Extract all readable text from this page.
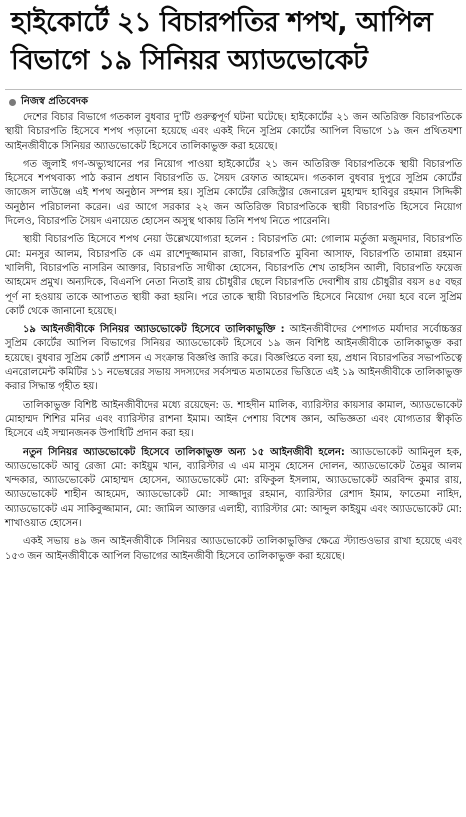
হাইকোর্টে ২১ বিচারপতির শপথ, আপিল
বিভাগে ১৯ সিনিয়র অ্যাডভোকেট
নিজস্ব প্রতিবেদক

দেশের বিচার বিভাগে গতকাল বুধবার দু'টি গুরুত্বপূর্ণ ঘটনা ঘটেছে। হাইকোর্টের ২১ জন অতিরিক্ত বিচারপতিকে স্থায়ী বিচারপতি হিসেবে শপথ পড়ানো হয়েছে এবং একই দিনে সুপ্রিম কোর্টের আপিল বিভাগে ১৯ জন প্রথিতযশা আইনজীবীকে সিনিয়র অ্যাডভোকেট হিসেবে তালিকাভুক্ত করা হয়েছে।

গত জুলাই গণ-অভ্যুত্থানের পর নিয়োগ পাওয়া হাইকোর্টের ২১ জন অতিরিক্ত বিচারপতিকে স্থায়ী বিচারপতি হিসেবে শপথবাক্য পাঠ করান প্রধান বিচারপতি ড. সৈয়দ রেফাত আহমেদ। গতকাল বুধবার দুপুরে সুপ্রিম কোর্টের জাজেস লাউঞ্জে এই শপথ অনুষ্ঠান সম্পন্ন হয়। সুপ্রিম কোর্টের রেজিস্ট্রার জেনারেল মুহাম্মদ হাবিবুর রহমান সিদ্দিকী অনুষ্ঠান পরিচালনা করেন। এর আগে সরকার ২২ জন অতিরিক্ত বিচারপতিকে স্থায়ী বিচারপতি হিসেবে নিয়োগ দিলেও, বিচারপতি সৈয়দ এনায়েত হোসেন অসুস্থ থাকায় তিনি শপথ নিতে পারেননি।

স্থায়ী বিচারপতি হিসেবে শপথ নেয়া উল্লেখযোগ্যরা হলেন : বিচারপতি মো: গোলাম মর্তুজা মজুমদার, বিচারপতি মো: মনসুর আলম, বিচারপতি কে এম রাশেদুজ্জামান রাজা, বিচারপতি মুবিনা আসাফ, বিচারপতি তামান্না রহমান খালিদী, বিচারপতি নাসরিন আক্তার, বিচারপতি সাথীকা হোসেন, বিচারপতি শেখ তাহসিন আলী, বিচারপতি ফয়েজ আহমেদ প্রমুখ। অন্যদিকে, বিএনপি নেতা নিতাই রায় চৌধুরীর ছেলে বিচারপতি দেবাশীষ রায় চৌধুরীর বয়স ৪৫ বছর পূর্ণ না হওয়ায় তাকে আপাতত স্থায়ী করা হয়নি। পরে তাকে স্থায়ী বিচারপতি হিসেবে নিয়োগ দেয়া হবে বলে সুপ্রিম কোর্ট থেকে জানানো হয়েছে।

১৯ আইনজীবীকে সিনিয়র অ্যাডভোকেট হিসেবে তালিকাভুক্তি : আইনজীবীদের পেশাগত মর্যাদার সর্বোচ্চস্তর সুপ্রিম কোর্টের আপিল বিভাগের সিনিয়র অ্যাডভোকেট হিসেবে ১৯ জন বিশিষ্ট আইনজীবীকে তালিকাভুক্ত করা হয়েছে। বুধবার সুপ্রিম কোর্ট প্রশাসন এ সংক্রান্ত বিজ্ঞপ্তি জারি করে। বিজ্ঞপ্তিতে বলা হয়, প্রধান বিচারপতির সভাপতিত্বে এনরোলমেন্ট কমিটির ১১ নভেম্বরের সভায় সদস্যদের সর্বসম্মত মতামতের ভিত্তিতে এই ১৯ আইনজীবীকে তালিকাভুক্ত করার সিদ্ধান্ত গৃহীত হয়।

তালিকাভুক্ত বিশিষ্ট আইনজীবীদের মধ্যে রয়েছেন: ড. শাহদীন মালিক, ব্যারিস্টার কায়সার কামাল, অ্যাডভোকেট মোহাম্মদ শিশির মনির এবং ব্যারিস্টার রাশনা ইমাম। আইন পেশায় বিশেষ জ্ঞান, অভিজ্ঞতা এবং যোগ্যতার স্বীকৃতি হিসেবে এই সম্মানজনক উপাধিটি প্রদান করা হয়।

নতুন সিনিয়র অ্যাডভোকেট হিসেবে তালিকাভুক্ত অন্য ১৫ আইনজীবী হলেন: অ্যাডভোকেট আমিনুল হক, অ্যাডভোকেট আবু রেজা মো: কাইয়ুম খান, ব্যারিস্টার এ এম মাসুম হোসেন দোলন, অ্যাডভোকেট তৈমুর আলম খন্দকার, অ্যাডভোকেট মোহাম্মদ হোসেন, অ্যাডভোকেট মো: রফিকুল ইসলাম, অ্যাডভোকেট অরবিন্দ কুমার রায়, অ্যাডভোকেট শাহীন আহমেদ, অ্যাডভোকেট মো: সাজ্জাদুর রহমান, ব্যারিস্টার রেশাদ ইমাম, ফাতেমা নাহিদ, অ্যাডভোকেট এম সাকিবুজ্জামান, মো: জামিল আক্তার এলাহী, ব্যারিস্টার মো: আব্দুল কাইয়ুম এবং অ্যাডভোকেট মো: শাখাওয়াত হোসেন।

একই সভায় ৪৯ জন আইনজীবীকে সিনিয়র অ্যাডভোকেট তালিকাভুক্তির ক্ষেত্রে স্ট্যান্ডওভার রাখা হয়েছে এবং ১৫৩ জন আইনজীবীকে আপিল বিভাগের আইনজীবী হিসেবে তালিকাভুক্ত করা হয়েছে।
